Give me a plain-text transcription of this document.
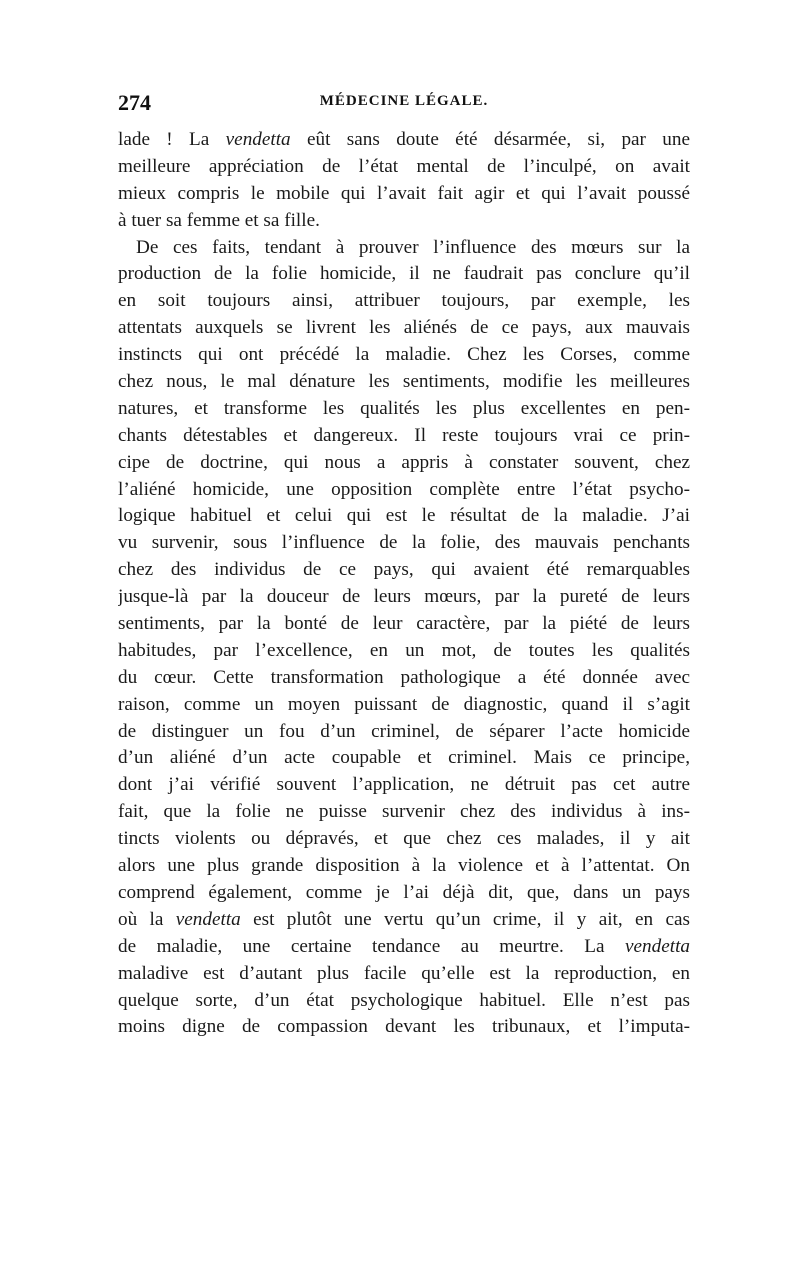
274	MÉDECINE LÉGALE.
lade ! La vendetta eût sans doute été désarmée, si, par une
meilleure appréciation de l’état mental de l’inculpé, on avait
mieux compris le mobile qui l’avait fait agir et qui l’avait poussé
à tuer sa femme et sa fille.
De ces faits, tendant à prouver l’influence des mœurs sur la
production de la folie homicide, il ne faudrait pas conclure qu’il
en soit toujours ainsi, attribuer toujours, par exemple, les
attentats auxquels se livrent les aliénés de ce pays, aux mauvais
instincts qui ont précédé la maladie. Chez les Corses, comme
chez nous, le mal dénature les sentiments, modifie les meilleures
natures, et transforme les qualités les plus excellentes en pen-
chants détestables et dangereux. Il reste toujours vrai ce prin-
cipe de doctrine, qui nous a appris à constater souvent, chez
l’aliéné homicide, une opposition complète entre l’état psycho-
logique habituel et celui qui est le résultat de la maladie. J’ai
vu survenir, sous l’influence de la folie, des mauvais penchants
chez des individus de ce pays, qui avaient été remarquables
jusque-là par la douceur de leurs mœurs, par la pureté de leurs
sentiments, par la bonté de leur caractère, par la piété de leurs
habitudes, par l’excellence, en un mot, de toutes les qualités
du cœur. Cette transformation pathologique a été donnée avec
raison, comme un moyen puissant de diagnostic, quand il s’agit
de distinguer un fou d’un criminel, de séparer l’acte homicide
d’un aliéné d’un acte coupable et criminel. Mais ce principe,
dont j’ai vérifié souvent l’application, ne détruit pas cet autre
fait, que la folie ne puisse survenir chez des individus à ins-
tincts violents ou dépravés, et que chez ces malades, il y ait
alors une plus grande disposition à la violence et à l’attentat. On
comprend également, comme je l’ai déjà dit, que, dans un pays
où la vendetta est plutôt une vertu qu’un crime, il y ait, en cas
de maladie, une certaine tendance au meurtre. La vendetta
maladive est d’autant plus facile qu’elle est la reproduction, en
quelque sorte, d’un état psychologique habituel. Elle n’est pas
moins digne de compassion devant les tribunaux, et l’imputa-
